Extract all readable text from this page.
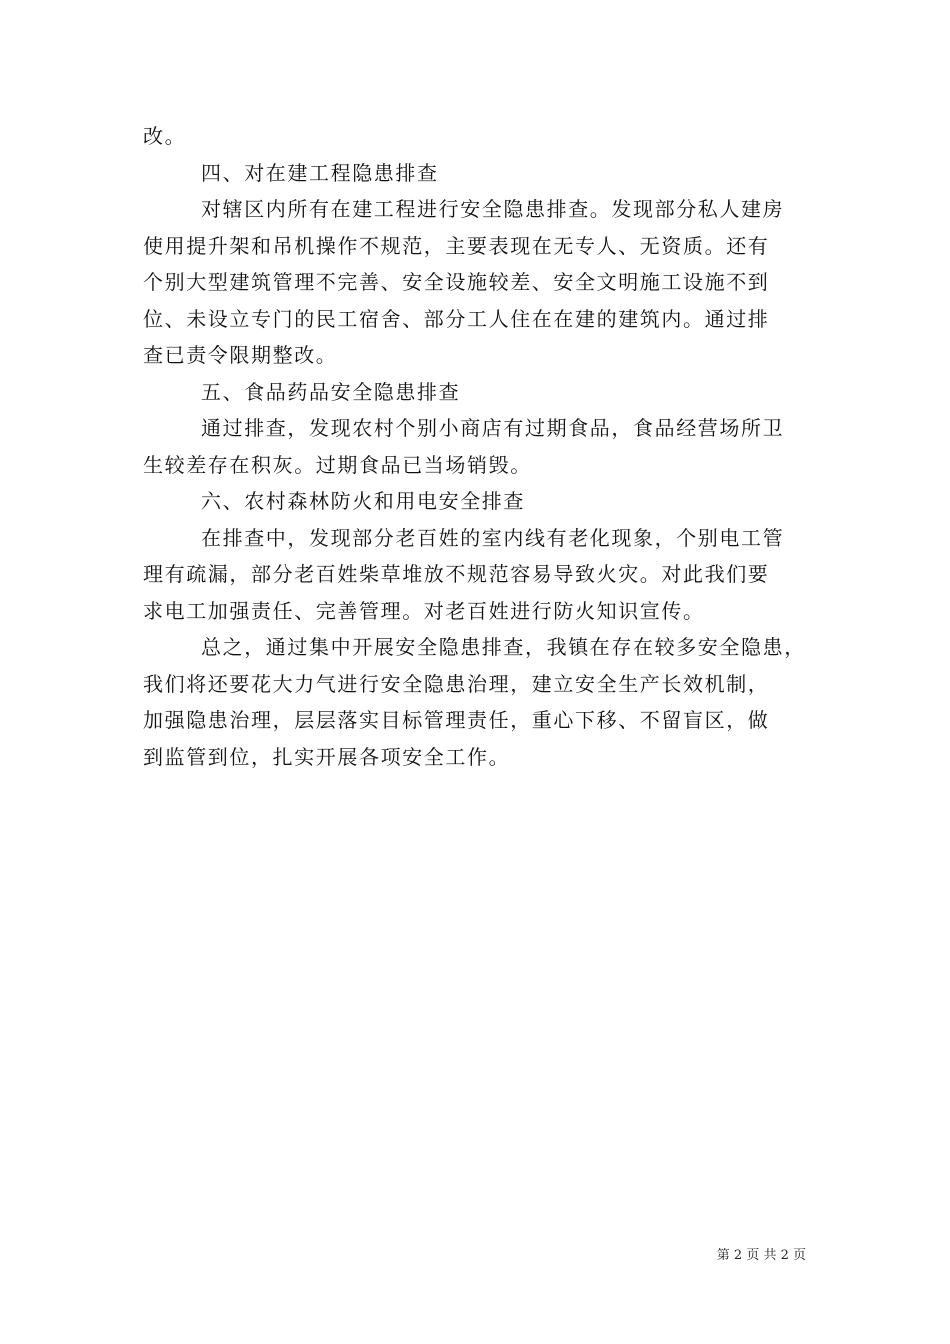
改。

四、对在建工程隐患排查

对辖区内所有在建工程进行安全隐患排查。发现部分私人建房

使用提升架和吊机操作不规范，主要表现在无专人、无资质。还有

个别大型建筑管理不完善、安全设施较差、安全文明施工设施不到

位、未设立专门的民工宿舍、部分工人住在在建的建筑内。通过排

查已责令限期整改。

五、食品药品安全隐患排查

通过排查，发现农村个别小商店有过期食品，食品经营场所卫

生较差存在积灰。过期食品已当场销毁。

六、农村森林防火和用电安全排查

在排查中，发现部分老百姓的室内线有老化现象，个别电工管

理有疏漏，部分老百姓柴草堆放不规范容易导致火灾。对此我们要

求电工加强责任、完善管理。对老百姓进行防火知识宣传。

总之，通过集中开展安全隐患排查，我镇在存在较多安全隐患，

我们将还要花大力气进行安全隐患治理，建立安全生产长效机制，

加强隐患治理，层层落实目标管理责任，重心下移、不留盲区，做

到监管到位，扎实开展各项安全工作。

第 2 页 共 2 页
